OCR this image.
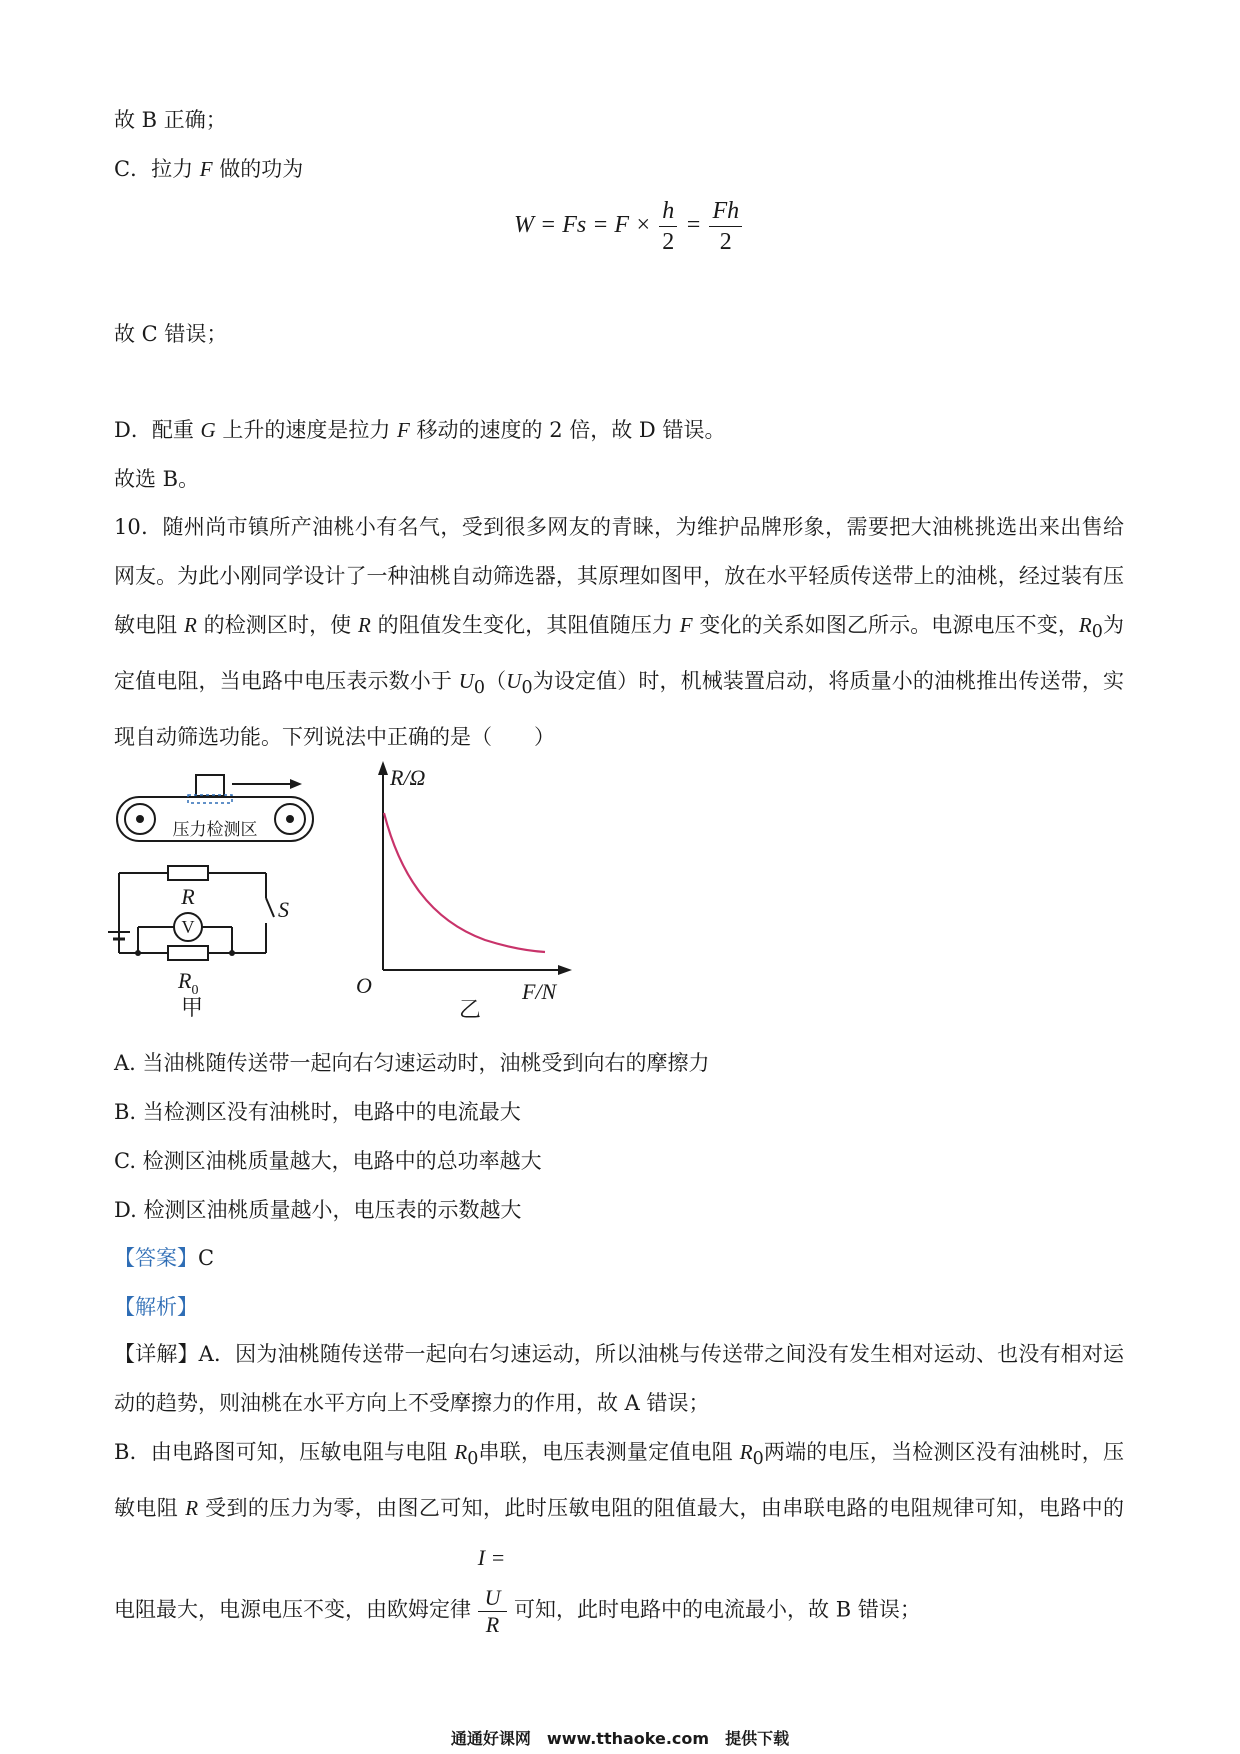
故 B 正确；
C．拉力 F 做的功为
$W = Fs = F \times \frac{h}{2} = \frac{Fh}{2}$
故 C 错误；
D．配重 G 上升的速度是拉力 F 移动的速度的 2 倍，故 D 错误。
故选 B。
10．随州尚市镇所产油桃小有名气，受到很多网友的青睐，为维护品牌形象，需要把大油桃挑选出来出售给网友。为此小刚同学设计了一种油桃自动筛选器，其原理如图甲，放在水平轻质传送带上的油桃，经过装有压敏电阻 R 的检测区时，使 R 的阻值发生变化，其阻值随压力 F 变化的关系如图乙所示。电源电压不变，$R_0$为定值电阻，当电路中电压表示数小于 $U_0(U_0$为设定值）时，机械装置启动，将质量小的油桃推出传送带，实现自动筛选功能。下列说法中正确的是（　　）
压力检测区
V
R
S
$R_0$
甲
R/Ω
F/N
O
乙
A. 当油桃随传送带一起向右匀速运动时，油桃受到向右的摩擦力
B. 当检测区没有油桃时，电路中的电流最大
C. 检测区油桃质量越大，电路中的总功率越大
D. 检测区油桃质量越小，电压表的示数越大
【答案】C
【解析】
【详解】A．因为油桃随传送带一起向右匀速运动，所以油桃与传送带之间没有发生相对运动、也没有相对运动的趋势，则油桃在水平方向上不受摩擦力的作用，故 A 错误；
B．由电路图可知，压敏电阻与电阻 $R_0$串联，电压表测量定值电阻 $R_0$两端的电压，当检测区没有油桃时，压敏电阻 R 受到的压力为零，由图乙可知，此时压敏电阻的阻值最大，由串联电路的电阻规律可知，电路中的电阻最大，电源电压不变，由欧姆定律 I =
U
R
可知，此时电路中的电流最小，故 B 错误；
通通好课网　www.tthaoke.com　提供下载
